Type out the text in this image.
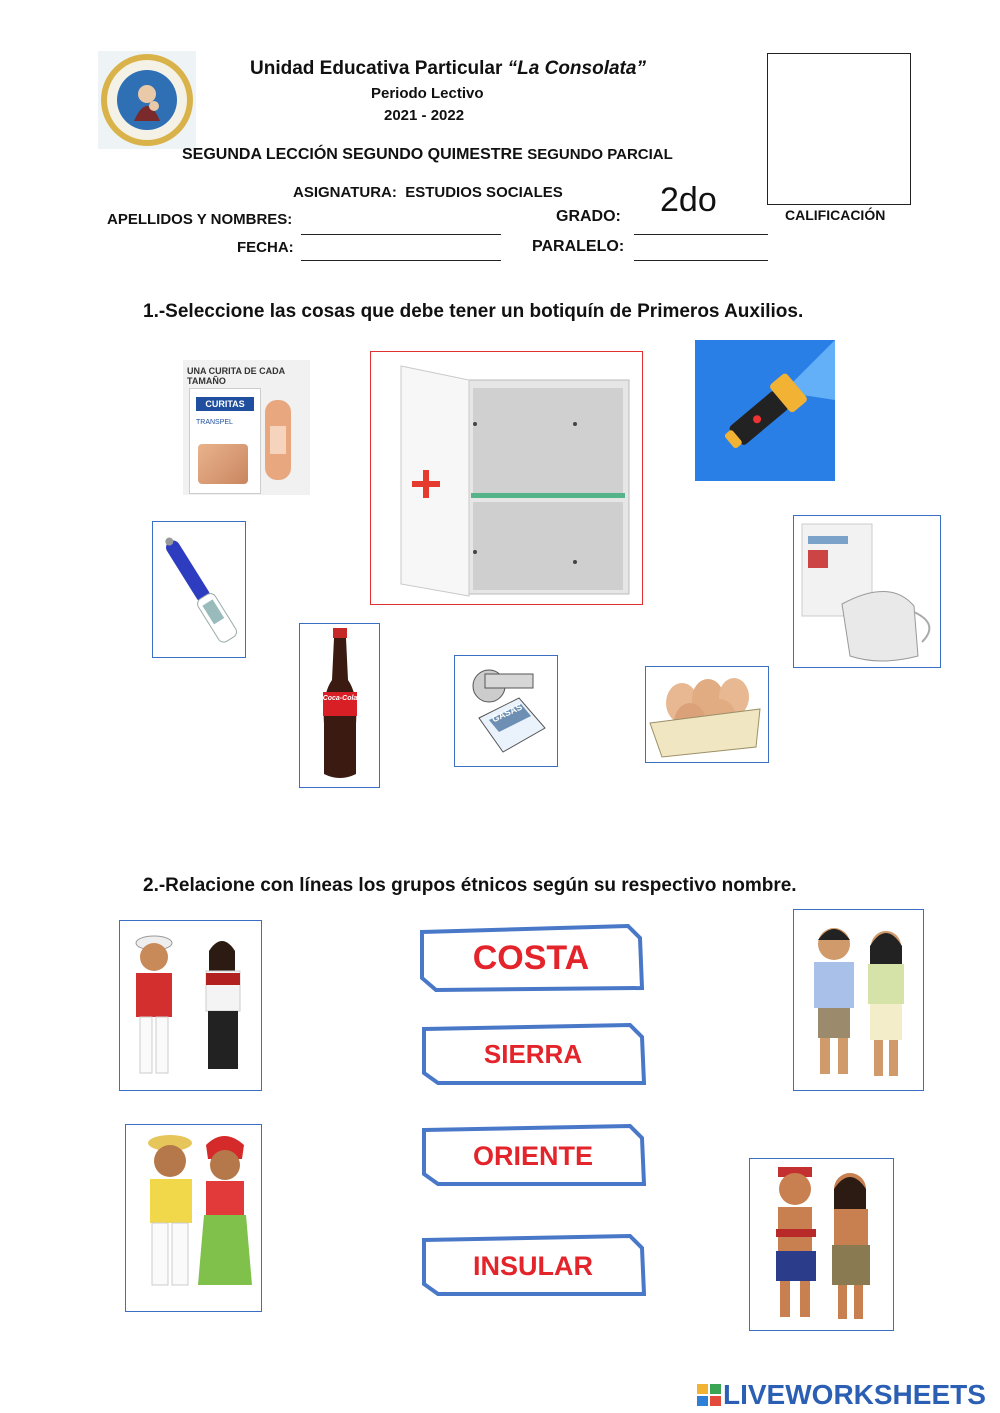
Unidad Educativa Particular “La Consolata”
Periodo Lectivo
2021 - 2022
SEGUNDA LECCIÓN SEGUNDO QUIMESTRE SEGUNDO PARCIAL
ASIGNATURA:  ESTUDIOS SOCIALES
APELLIDOS Y NOMBRES:	GRADO: 2do
FECHA:	PARALELO:
CALIFICACIÓN
1.-Seleccione las cosas que debe tener un botiquín de Primeros Auxilios.
UNA CURITA DE CADA TAMAÑO
CURITAS
TRANSPEL
Coca-Cola
GASAS
2.-Relacione con líneas los grupos étnicos según su respectivo nombre.
COSTA
SIERRA
ORIENTE
INSULAR
LIVEWORKSHEETS
